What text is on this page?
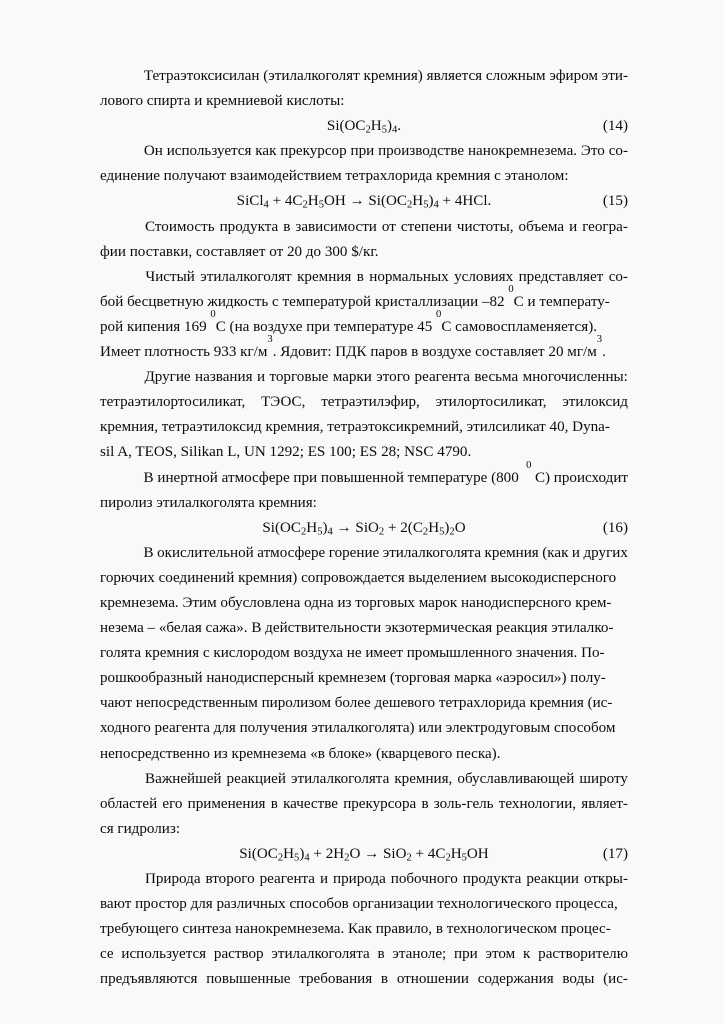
Тетраэтоксисилан (этилалкоголят кремния) является сложным эфиром эти-
лового спирта и кремниевой кислоты:
$Si(OC_2H_5)_4$.	(14)
Он используется как прекурсор при производстве нанокремнезема. Это со-
единение получают взаимодействием тетрахлорида кремния с этанолом:
SiCl$_4$ + $4C_2H_5OH \to Si(OC_2H_5)_4 + 4HCl$.	(15)
Стоимость продукта в зависимости от степени чистоты, объема и геогра-
фии поставки, составляет от 20 до 300 $/кг.
Чистый этилалкоголят кремния в нормальных условиях представляет со-
бой бесцветную жидкость с температурой кристаллизации –82
0
С и температу-
рой кипения 169
0
С (на воздухе при температуре 45
0
С самовоспламеняется).
Имеет плотность 933 кг/м
3
. Ядовит: ПДК паров в воздухе составляет 20 мг/м
3
.
Другие названия и торговые марки этого реагента весьма многочисленны:
тетраэтилортосиликат, ТЭОС, тетраэтилэфир, этилортосиликат, этилоксид
кремния, тетраэтилоксид кремния, тетраэтоксикремний, этилсиликат 40, Dyna-
sil A, TEOS, Silikan L, UN 1292; ES 100; ES 28; NSC 4790.
В инертной атмосфере при повышенной температуре (800
0
С) происходит
пиролиз этилалкоголята кремния:
$Si(OC_2H_5)_4 \to SiO_2 + 2(C_2H_5)_2O$	(16)
В окислительной атмосфере горение этилалкоголята кремния (как и других
горючих соединений кремния) сопровождается выделением высокодисперсного
кремнезема. Этим обусловлена одна из торговых марок нанодисперсного крем-
незема – «белая сажа». В действительности экзотермическая реакция этилалко-
голята кремния с кислородом воздуха не имеет промышленного значения. По-
рошкообразный нанодисперсный кремнезем (торговая марка «аэросил») полу-
чают непосредственным пиролизом более дешевого тетрахлорида кремния (ис-
ходного реагента для получения этилалкоголята) или электродуговым способом
непосредственно из кремнезема «в блоке» (кварцевого песка).
Важнейшей реакцией этилалкоголята кремния, обуславливающей широту
областей его применения в качестве прекурсора в золь-гель технологии, являет-
ся гидролиз:
$Si(OC_2H_5)_4 + 2H_2O \to SiO_2 + 4C_2H_5OH$	(17)
Природа второго реагента и природа побочного продукта реакции откры-
вают простор для различных способов организации технологического процесса,
требующего синтеза нанокремнезема. Как правило, в технологическом процес-
се используется раствор этилалкоголята в этаноле; при этом к растворителю
предъявляются повышенные требования в отношении содержания воды (ис-
